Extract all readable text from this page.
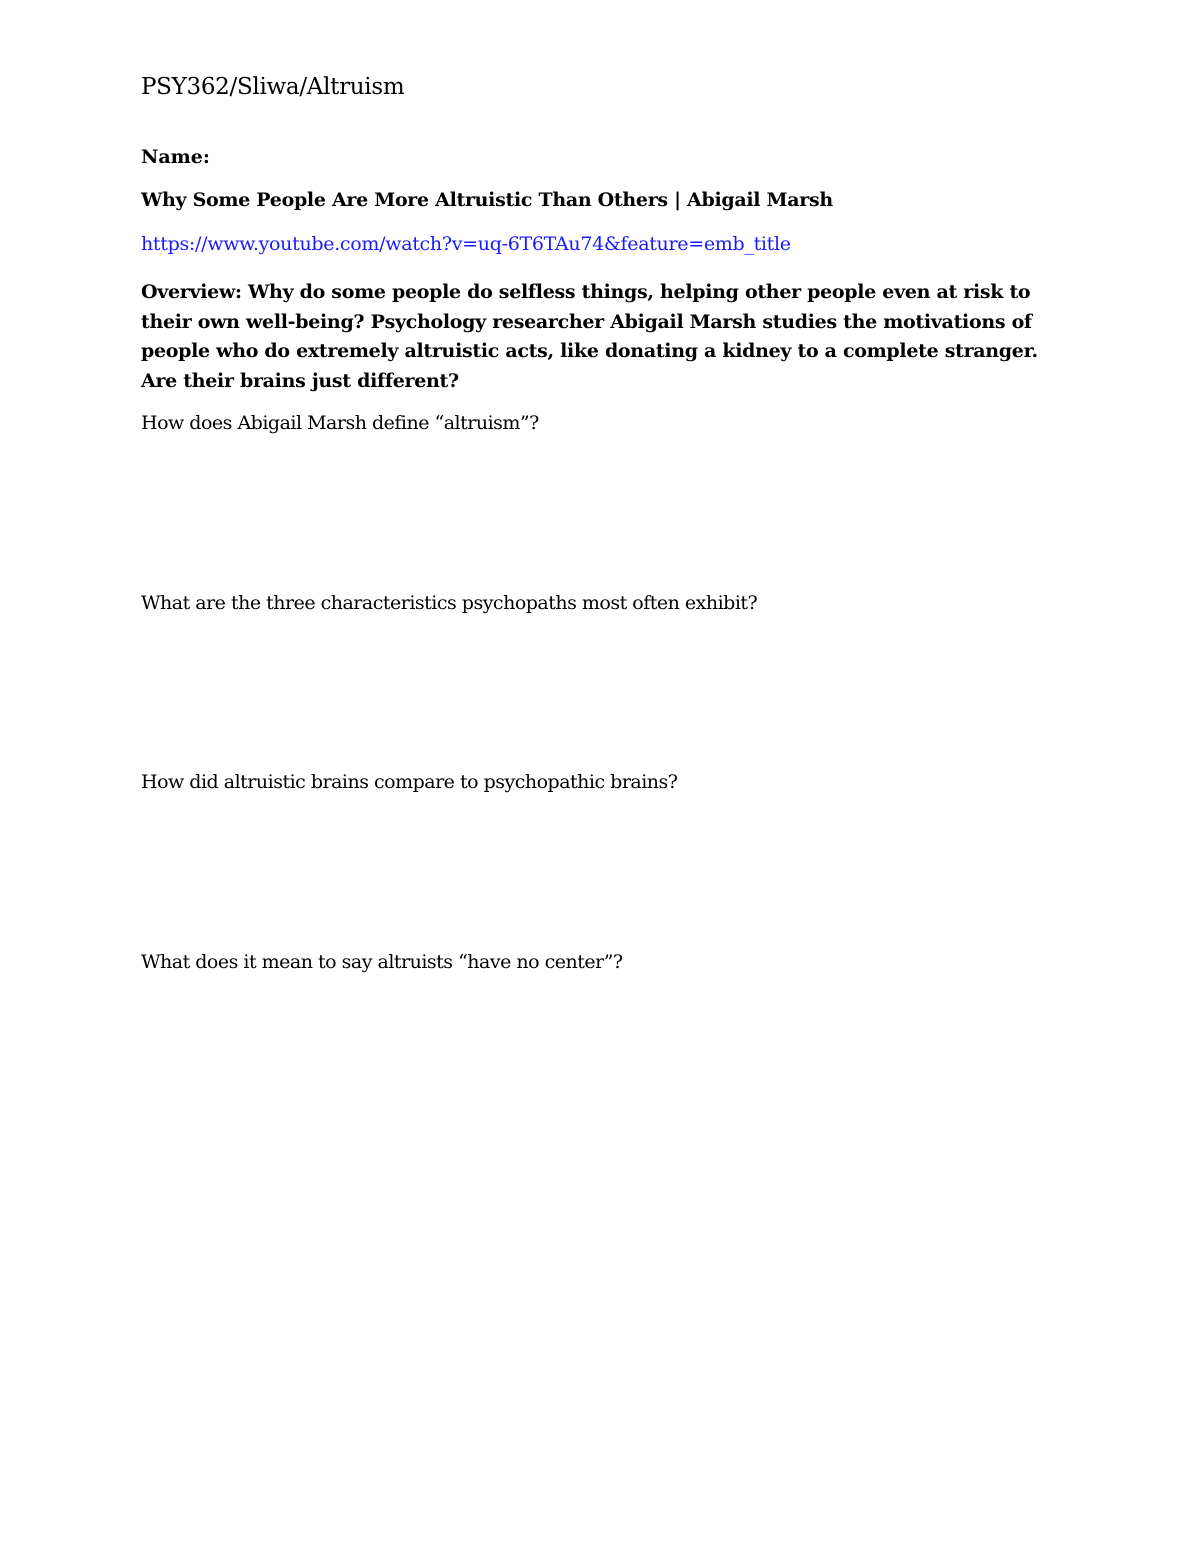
PSY362/Sliwa/Altruism

Name:

Why Some People Are More Altruistic Than Others | Abigail Marsh

https://www.youtube.com/watch?v=uq-6T6TAu74&feature=emb_title

Overview: Why do some people do selfless things, helping other people even at risk to their own well-being? Psychology researcher Abigail Marsh studies the motivations of people who do extremely altruistic acts, like donating a kidney to a complete stranger. Are their brains just different?

How does Abigail Marsh define “altruism”?

What are the three characteristics psychopaths most often exhibit?

How did altruistic brains compare to psychopathic brains?

What does it mean to say altruists “have no center”?
